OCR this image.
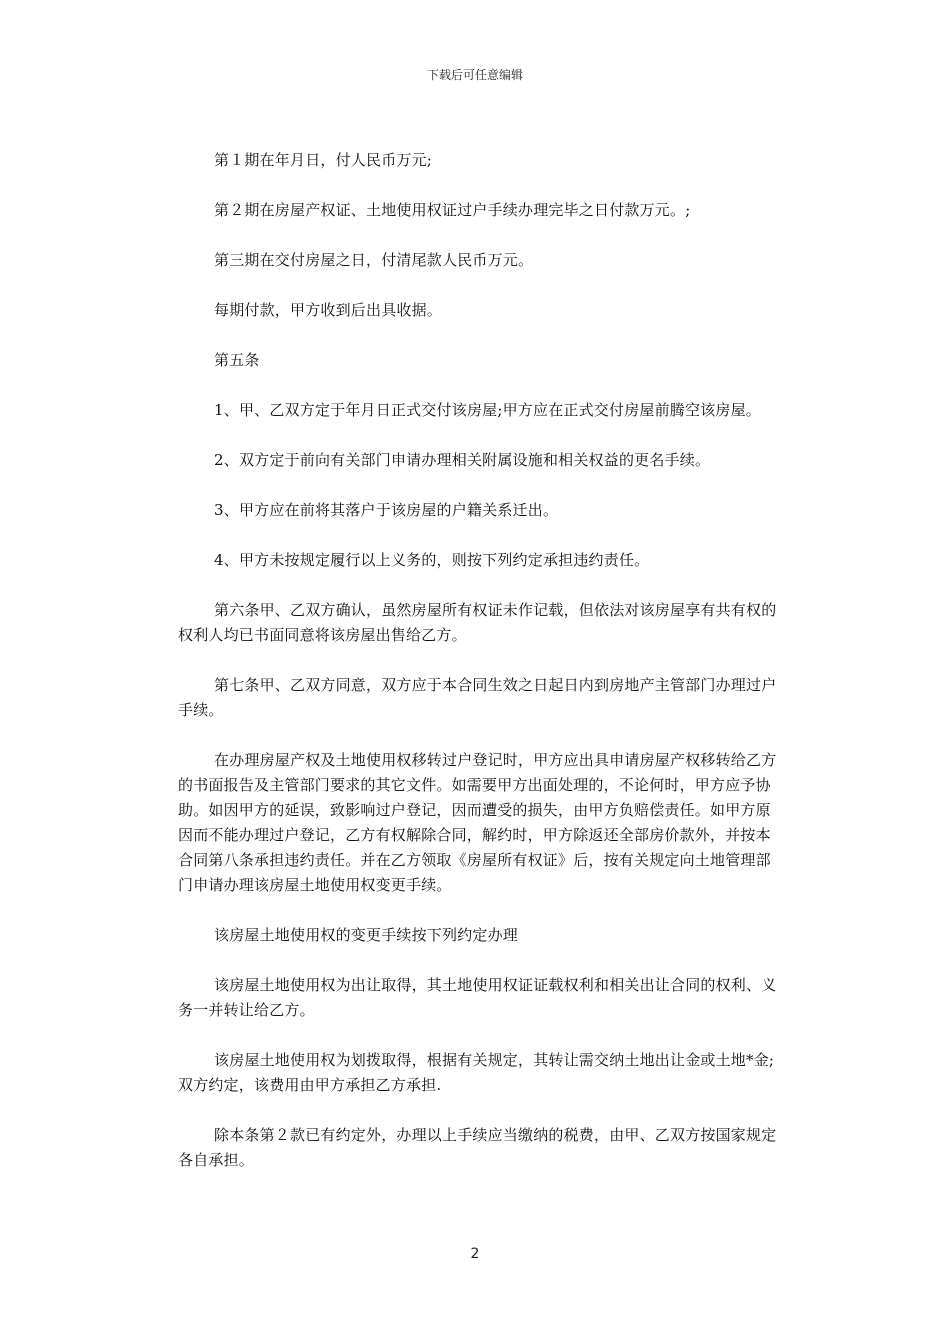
下载后可任意编辑

第１期在年月日，付人民币万元;

第２期在房屋产权证、土地使用权证过户手续办理完毕之日付款万元。;

第三期在交付房屋之日，付清尾款人民币万元。

每期付款，甲方收到后出具收据。

第五条

1、甲、乙双方定于年月日正式交付该房屋;甲方应在正式交付房屋前腾空该房屋。

2、双方定于前向有关部门申请办理相关附属设施和相关权益的更名手续。

3、甲方应在前将其落户于该房屋的户籍关系迁出。

4、甲方未按规定履行以上义务的，则按下列约定承担违约责任。

第六条甲、乙双方确认，虽然房屋所有权证未作记载，但依法对该房屋享有共有权的权利人均已书面同意将该房屋出售给乙方。

第七条甲、乙双方同意，双方应于本合同生效之日起日内到房地产主管部门办理过户手续。

在办理房屋产权及土地使用权移转过户登记时，甲方应出具申请房屋产权移转给乙方的书面报告及主管部门要求的其它文件。如需要甲方出面处理的，不论何时，甲方应予协助。如因甲方的延误，致影响过户登记，因而遭受的损失，由甲方负赔偿责任。如甲方原因而不能办理过户登记，乙方有权解除合同，解约时，甲方除返还全部房价款外，并按本合同第八条承担违约责任。并在乙方领取《房屋所有权证》后，按有关规定向土地管理部门申请办理该房屋土地使用权变更手续。

该房屋土地使用权的变更手续按下列约定办理

该房屋土地使用权为出让取得，其土地使用权证证载权利和相关出让合同的权利、义务一并转让给乙方。

该房屋土地使用权为划拨取得，根据有关规定，其转让需交纳土地出让金或土地*金;双方约定，该费用由甲方承担乙方承担.

除本条第２款已有约定外，办理以上手续应当缴纳的税费，由甲、乙双方按国家规定各自承担。

2
